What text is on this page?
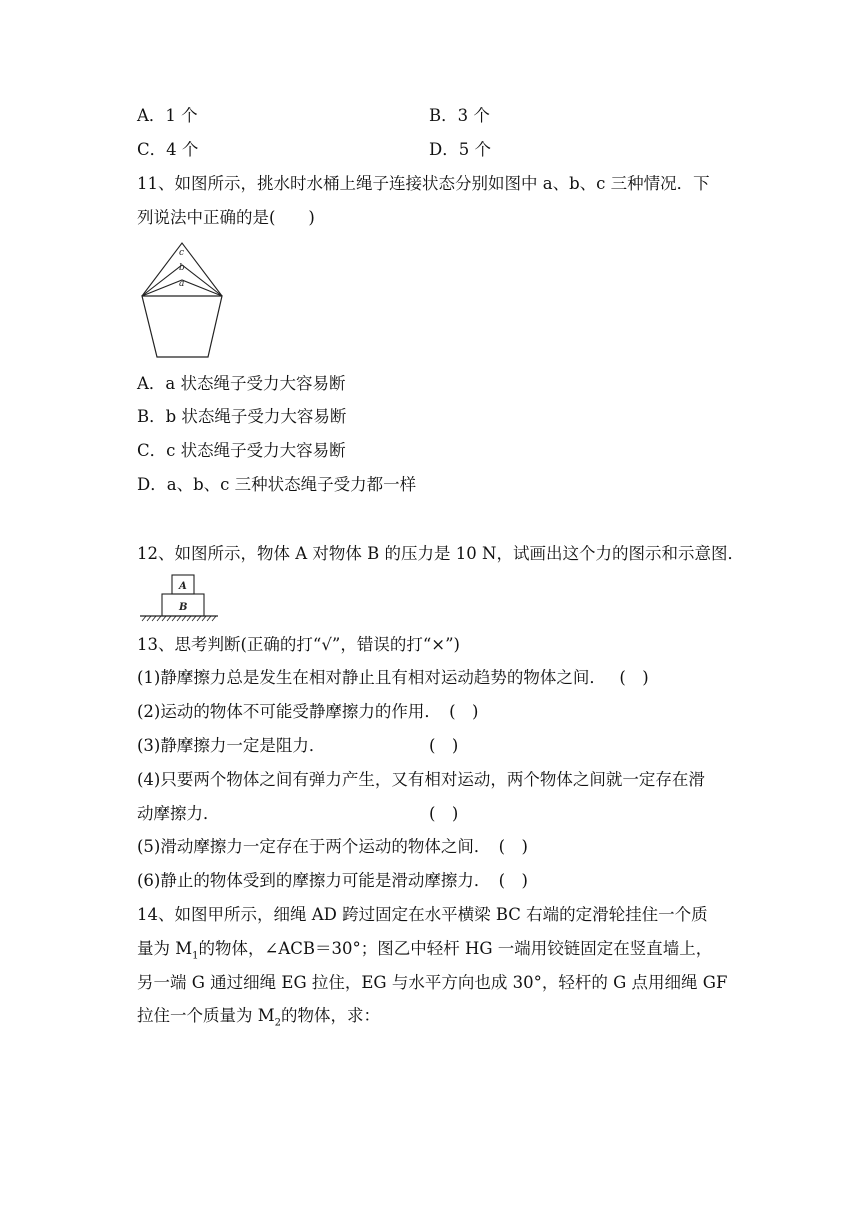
A．1 个	B．3 个
C．4 个	D．5 个
11、如图所示，挑水时水桶上绳子连接状态分别如图中 a、b、c 三种情况．下
列说法中正确的是(　　)
c
b
a
A．a 状态绳子受力大容易断
B．b 状态绳子受力大容易断
C．c 状态绳子受力大容易断
D．a、b、c 三种状态绳子受力都一样
12、如图所示，物体 A 对物体 B 的压力是 10 N，试画出这个力的图示和示意图．
A
B
13、思考判断(正确的打“√”，错误的打“×”)
(1)静摩擦力总是发生在相对静止且有相对运动趋势的物体之间．　 (　)
(2)运动的物体不可能受静摩擦力的作用．　(　)
(3)静摩擦力一定是阻力．	(　)
(4)只要两个物体之间有弹力产生，又有相对运动，两个物体之间就一定存在滑
动摩擦力．	(　)
(5)滑动摩擦力一定存在于两个运动的物体之间．　(　)
(6)静止的物体受到的摩擦力可能是滑动摩擦力．　(　)
14、如图甲所示，细绳 AD 跨过固定在水平横梁 BC 右端的定滑轮挂住一个质
量为 $M_1$的物体，∠ACB＝30°；图乙中轻杆 HG 一端用铰链固定在竖直墙上，
另一端 G 通过细绳 EG 拉住，EG 与水平方向也成 30°，轻杆的 G 点用细绳 GF
拉住一个质量为 $M_2$的物体，求：
